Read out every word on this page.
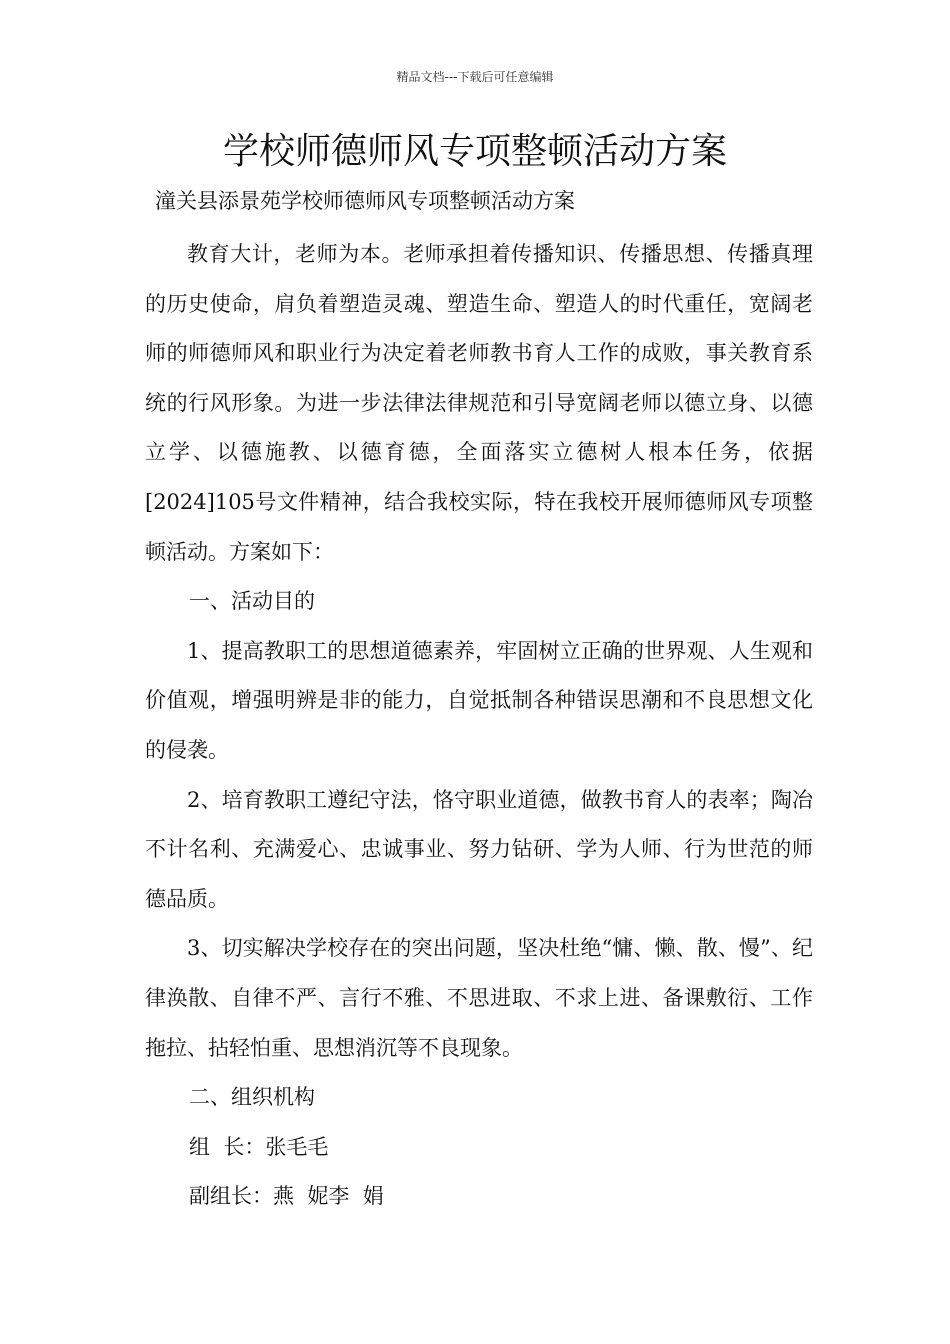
精品文档---下载后可任意编辑
学校师德师风专项整顿活动方案
潼关县添景苑学校师德师风专项整顿活动方案

教育大计，老师为本。老师承担着传播知识、传播思想、传播真理的历史使命，肩负着塑造灵魂、塑造生命、塑造人的时代重任，宽阔老师的师德师风和职业行为决定着老师教书育人工作的成败，事关教育系统的行风形象。为进一步法律法律规范和引导宽阔老师以德立身、以德立学、以德施教、以德育德，全面落实立德树人根本任务，依据[2024]105号文件精神，结合我校实际，特在我校开展师德师风专项整顿活动。方案如下：

一、活动目的

1、提高教职工的思想道德素养，牢固树立正确的世界观、人生观和价值观，增强明辨是非的能力，自觉抵制各种错误思潮和不良思想文化的侵袭。

2、培育教职工遵纪守法，恪守职业道德，做教书育人的表率；陶冶不计名利、充满爱心、忠诚事业、努力钻研、学为人师、行为世范的师德品质。

3、切实解决学校存在的突出问题，坚决杜绝“慵、懒、散、慢”、纪律涣散、自律不严、言行不雅、不思进取、不求上进、备课敷衍、工作拖拉、拈轻怕重、思想消沉等不良现象。

二、组织机构

组  长：张毛毛

副组长：燕  妮李  娟
